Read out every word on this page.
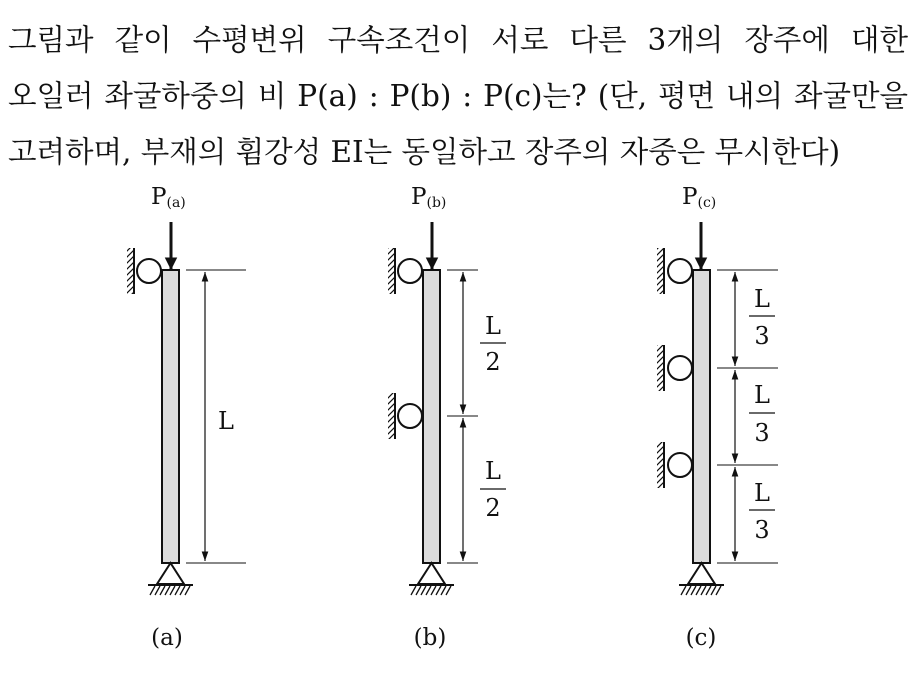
그림과 같이 수평변위 구속조건이 서로 다른 3개의 장주에 대한
오일러 좌굴하중의 비 P(a) : P(b) : P(c)는? (단, 평면 내의 좌굴만을
고려하며, 부재의 휨강성 EI는 동일하고 장주의 자중은 무시한다)
P(a)
L
(a)
P(b)
L
2
L
2
(b)
P(c)
L
3
L
3
L
3
(c)
